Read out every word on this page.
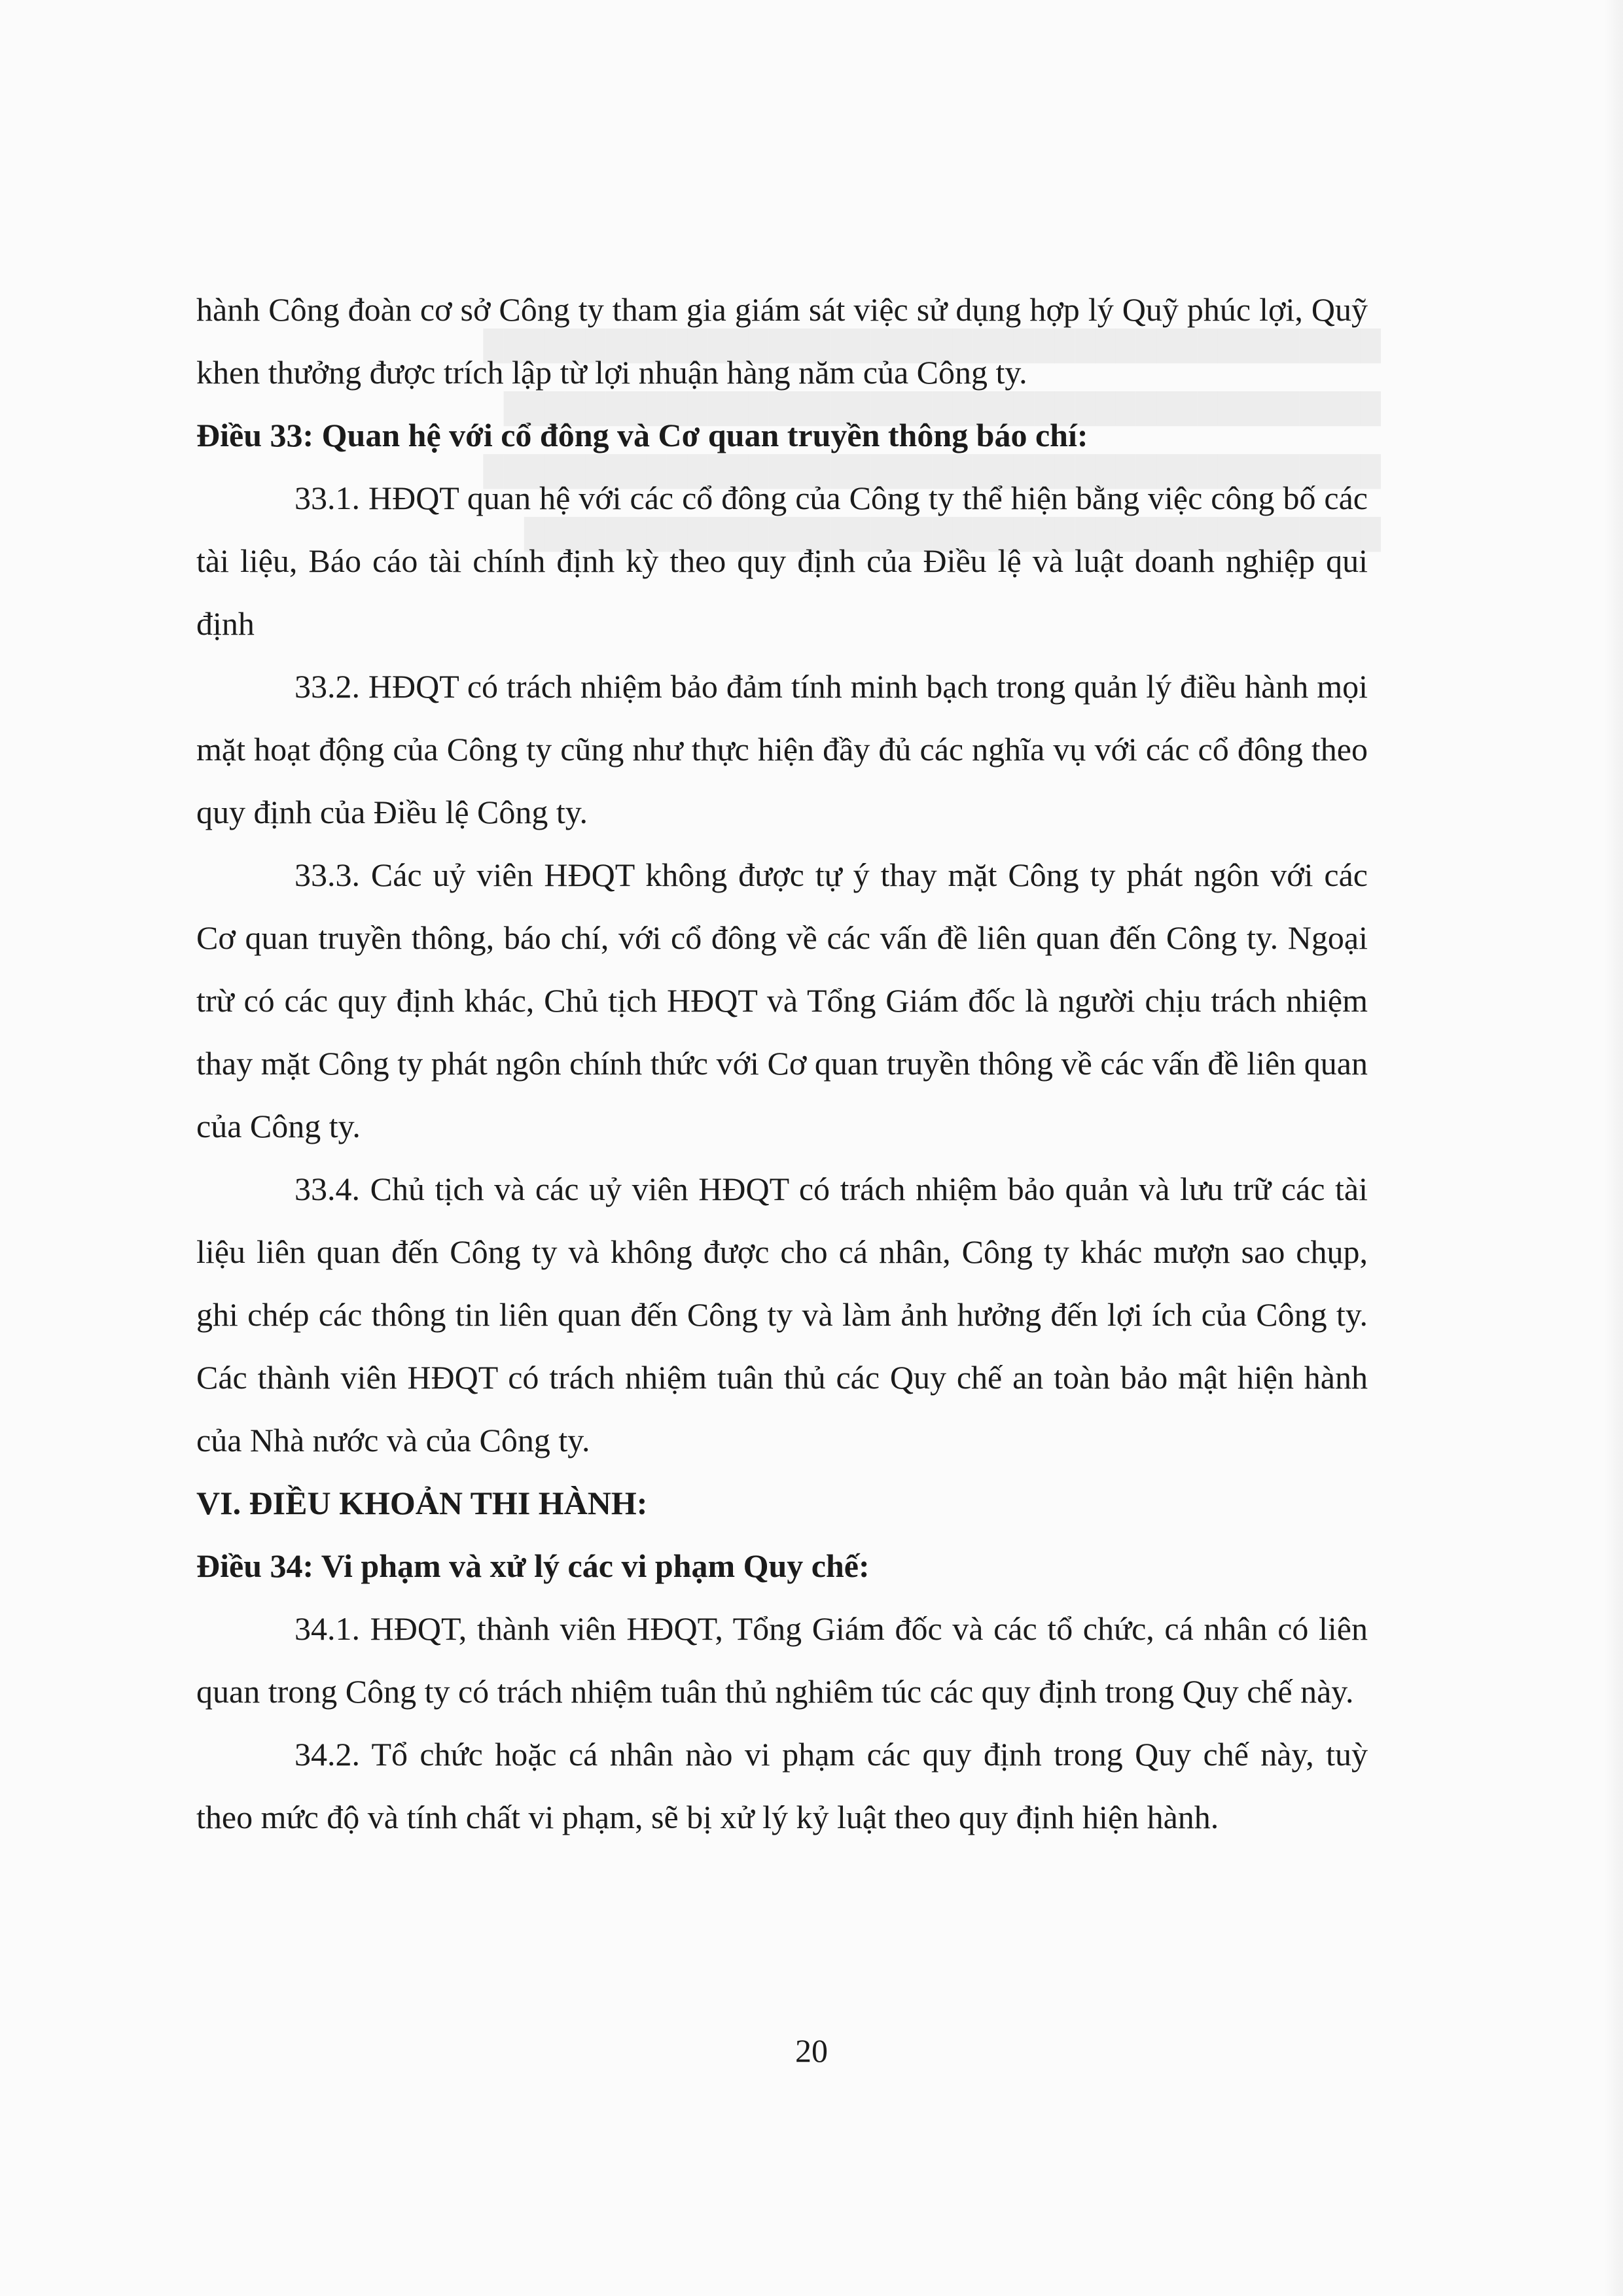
████████████████████████████████████████████
███████████████████████████████████████████
████████████████████████████████████████████
██████████████████████████████████████████

hành Công đoàn cơ sở Công ty tham gia giám sát việc sử dụng hợp lý Quỹ phúc lợi, Quỹ khen thưởng được trích lập từ lợi nhuận hàng năm của Công ty.

Điều 33: Quan hệ với cổ đông và Cơ quan truyền thông báo chí:

33.1. HĐQT quan hệ với các cổ đông của Công ty thể hiện bằng việc công bố các tài liệu, Báo cáo tài chính định kỳ theo quy định của Điều lệ và luật doanh nghiệp qui định

33.2. HĐQT có trách nhiệm bảo đảm tính minh bạch trong quản lý điều hành mọi mặt hoạt động của Công ty cũng như thực hiện đầy đủ các nghĩa vụ với các cổ đông theo quy định của Điều lệ Công ty.

33.3. Các uỷ viên HĐQT không được tự ý thay mặt Công ty phát ngôn với các Cơ quan truyền thông, báo chí, với cổ đông về các vấn đề liên quan đến Công ty. Ngoại trừ có các quy định khác, Chủ tịch HĐQT và Tổng Giám đốc là người chịu trách nhiệm thay mặt Công ty phát ngôn chính thức với Cơ quan truyền thông về các vấn đề liên quan của Công ty.

33.4. Chủ tịch và các uỷ viên HĐQT có trách nhiệm bảo quản và lưu trữ các tài liệu liên quan đến Công ty và không được cho cá nhân, Công ty khác mượn sao chụp, ghi chép các thông tin liên quan đến Công ty và làm ảnh hưởng đến lợi ích của Công ty. Các thành viên HĐQT có trách nhiệm tuân thủ các Quy chế an toàn bảo mật hiện hành của Nhà nước và của Công ty.

VI. ĐIỀU KHOẢN THI HÀNH:

Điều 34: Vi phạm và xử lý các vi phạm Quy chế:

34.1. HĐQT, thành viên HĐQT, Tổng Giám đốc và các tổ chức, cá nhân có liên quan trong Công ty có trách nhiệm tuân thủ nghiêm túc các quy định trong Quy chế này.

34.2. Tổ chức hoặc cá nhân nào vi phạm các quy định trong Quy chế này, tuỳ theo mức độ và tính chất vi phạm, sẽ bị xử lý kỷ luật theo quy định hiện hành.

20
